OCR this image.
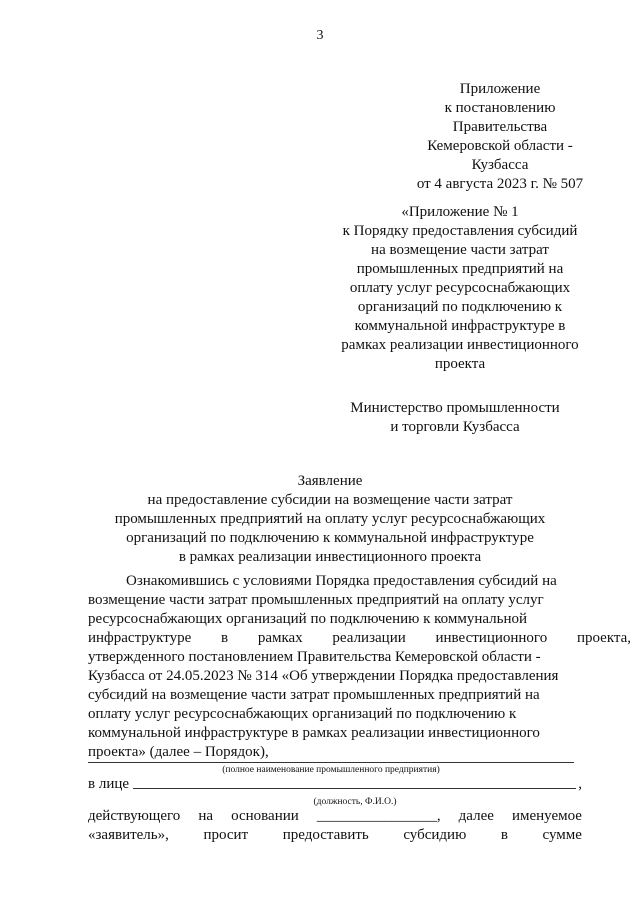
3
Приложение
к постановлению Правительства
Кемеровской области - Кузбасса
от 4 августа 2023 г. № 507
«Приложение № 1
к Порядку предоставления субсидий
на возмещение части затрат
промышленных предприятий на
оплату услуг ресурсоснабжающих
организаций по подключению к
коммунальной инфраструктуре в
рамках реализации инвестиционного
проекта
Министерство промышленности
и торговли Кузбасса
Заявление
на предоставление субсидии на возмещение части затрат
промышленных предприятий на оплату услуг ресурсоснабжающих
организаций по подключению к коммунальной инфраструктуре
в рамках реализации инвестиционного проекта

Ознакомившись с условиями Порядка предоставления субсидий на

возмещение части затрат промышленных предприятий на оплату услуг

ресурсоснабжающих организаций по подключению к коммунальной

инфраструктуре в рамках реализации инвестиционного проекта,

утвержденного постановлением Правительства Кемеровской области -

Кузбасса от 24.05.2023 № 314 «Об утверждении Порядка предоставления

субсидий на возмещение части затрат промышленных предприятий на

оплату услуг ресурсоснабжающих организаций по подключению к

коммунальной инфраструктуре в рамках реализации инвестиционного

проекта» (далее – Порядок),

(полное наименование промышленного предприятия)
в лице	,
(должность, Ф.И.О.)
действующего на основании ________________, далее именуемое
«заявитель», просит предоставить субсидию в сумме
